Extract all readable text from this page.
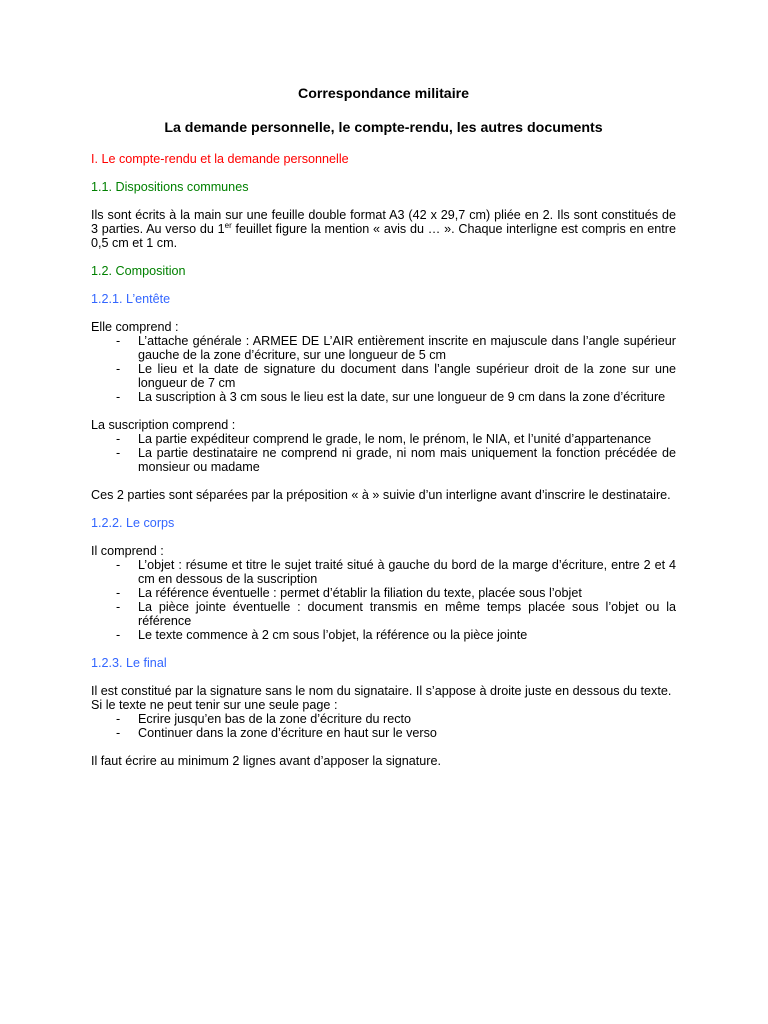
Correspondance militaire
La demande personnelle, le compte-rendu, les autres documents
I. Le compte-rendu et la demande personnelle
1.1. Dispositions communes
Ils sont écrits à la main sur une feuille double format A3 (42 x 29,7 cm) pliée en 2. Ils sont constitués de 3 parties. Au verso du 1er feuillet figure la mention « avis du … ». Chaque interligne est compris en entre 0,5 cm et 1 cm.
1.2. Composition
1.2.1. L’entête
Elle comprend :
- L’attache générale : ARMEE DE L’AIR entièrement inscrite en majuscule dans l’angle supérieur gauche de la zone d’écriture, sur une longueur de 5 cm
- Le lieu et la date de signature du document dans l’angle supérieur droit de la zone sur une longueur de 7 cm
- La suscription à 3 cm sous le lieu est la date, sur une longueur de 9 cm dans la zone d’écriture
La suscription comprend :
- La partie expéditeur comprend le grade, le nom, le prénom, le NIA, et l’unité d’appartenance
- La partie destinataire ne comprend ni grade, ni nom mais uniquement la fonction précédée de monsieur ou madame
Ces 2 parties sont séparées par la préposition « à » suivie d’un interligne avant d’inscrire le destinataire.
1.2.2. Le corps
Il comprend :
- L’objet : résume et titre le sujet traité situé à gauche du bord de la marge d’écriture, entre 2 et 4 cm en dessous de la suscription
- La référence éventuelle : permet d’établir la filiation du texte, placée sous l’objet
- La pièce jointe éventuelle : document transmis en même temps placée sous l’objet ou la référence
- Le texte commence à 2 cm sous l’objet, la référence ou la pièce jointe
1.2.3. Le final
Il est constitué par la signature sans le nom du signataire. Il s’appose à droite juste en dessous du texte.
Si le texte ne peut tenir sur une seule page :
- Ecrire jusqu’en bas de la zone d’écriture du recto
- Continuer dans la zone d’écriture en haut sur le verso
Il faut écrire au minimum 2 lignes avant d’apposer la signature.
